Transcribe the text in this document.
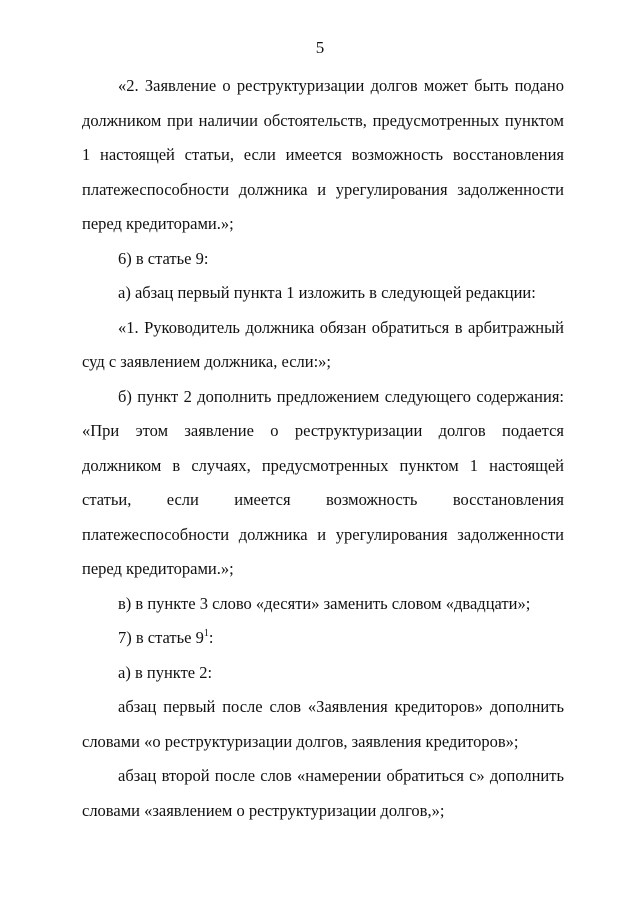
5

«2. Заявление о реструктуризации долгов может быть подано должником при наличии обстоятельств, предусмотренных пунктом 1 настоящей статьи, если имеется возможность восстановления платежеспособности должника и урегулирования задолженности перед кредиторами.»;

6) в статье 9:

а) абзац первый пункта 1 изложить в следующей редакции:

«1. Руководитель должника обязан обратиться в арбитражный суд с заявлением должника, если:»;

б) пункт 2 дополнить предложением следующего содержания: «При этом заявление о реструктуризации долгов подается должником в случаях, предусмотренных пунктом 1 настоящей статьи, если имеется возможность восстановления платежеспособности должника и урегулирования задолженности перед кредиторами.»;

в) в пункте 3 слово «десяти» заменить словом «двадцати»;

7) в статье $9^1$:

а) в пункте 2:

абзац первый после слов «Заявления кредиторов» дополнить словами «о реструктуризации долгов, заявления кредиторов»;

абзац второй после слов «намерении обратиться с» дополнить словами «заявлением о реструктуризации долгов,»;
